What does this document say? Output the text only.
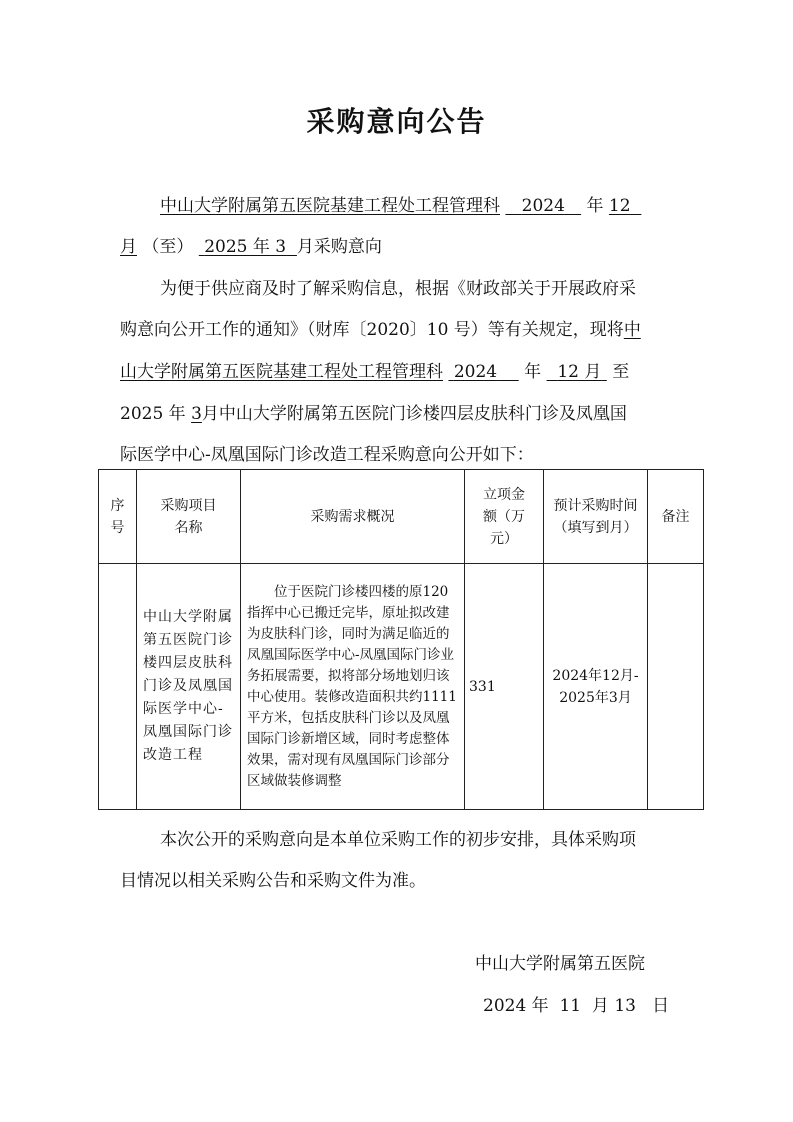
采购意向公告
中山大学附属第五医院基建工程处工程管理科 2024 年 12
月 （至） 2025 年 3 月采购意向
为便于供应商及时了解采购信息，根据《财政部关于开展政府采
购意向公开工作的通知》（财库〔2020〕10 号）等有关规定，现将中
山大学附属第五医院基建工程处工程管理科 2024 年 12 月 至
2025 年 3月中山大学附属第五医院门诊楼四层皮肤科门诊及凤凰国
际医学中心-凤凰国际门诊改造工程采购意向公开如下：
序号	采购项目名称	采购需求概况	立项金额（万元）	预计采购时间（填写到月）	备注

	中山大学附属第五医院门诊楼四层皮肤科门诊及凤凰国际医学中心-凤凰国际门诊改造工程	位于医院门诊楼四楼的原120指挥中心已搬迁完毕，原址拟改建为皮肤科门诊，同时为满足临近的凤凰国际医学中心-凤凰国际门诊业务拓展需要，拟将部分场地划归该中心使用。装修改造面积共约1111平方米，包括皮肤科门诊以及凤凰国际门诊新增区域，同时考虑整体效果，需对现有凤凰国际门诊部分区域做装修调整	331	2024年12月-2025年3月	

本次公开的采购意向是本单位采购工作的初步安排，具体采购项
目情况以相关采购公告和采购文件为准。
中山大学附属第五医院
2024 年  11  月 13   日
